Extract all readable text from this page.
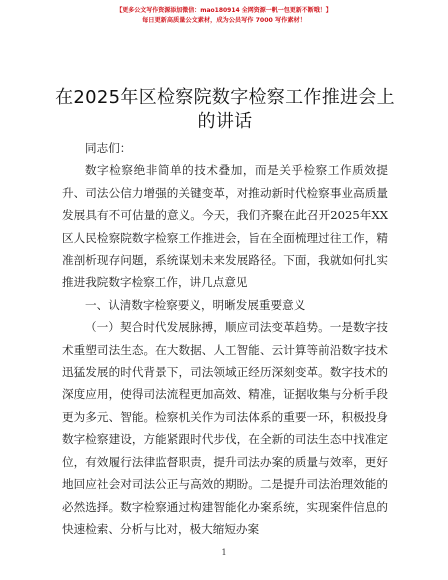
【更多公文写作资源添加微信：mao180914 全网资源一帆一包更新不断哦！】
每日更新高质量公文素材，成为公员写作 7000 写作素材！
在2025年区检察院数字检察工作推进会上的讲话

同志们：

数字检察绝非简单的技术叠加，而是关乎检察工作质效提升、司法公信力增强的关键变革，对推动新时代检察事业高质量发展具有不可估量的意义。今天，我们齐聚在此召开2025年XX区人民检察院数字检察工作推进会，旨在全面梳理过往工作，精准剖析现存问题，系统谋划未来发展路径。下面，我就如何扎实推进我院数字检察工作，讲几点意见

一、认清数字检察要义，明晰发展重要意义

（一）契合时代发展脉搏，顺应司法变革趋势。一是数字技术重塑司法生态。在大数据、人工智能、云计算等前沿数字技术迅猛发展的时代背景下，司法领域正经历深刻变革。数字技术的深度应用，使得司法流程更加高效、精准，证据收集与分析手段更为多元、智能。检察机关作为司法体系的重要一环，积极投身数字检察建设，方能紧跟时代步伐，在全新的司法生态中找准定位，有效履行法律监督职责，提升司法办案的质量与效率，更好地回应社会对司法公正与高效的期盼。二是提升司法治理效能的必然选择。数字检察通过构建智能化办案系统，实现案件信息的快速检索、分析与比对，极大缩短办案

1
